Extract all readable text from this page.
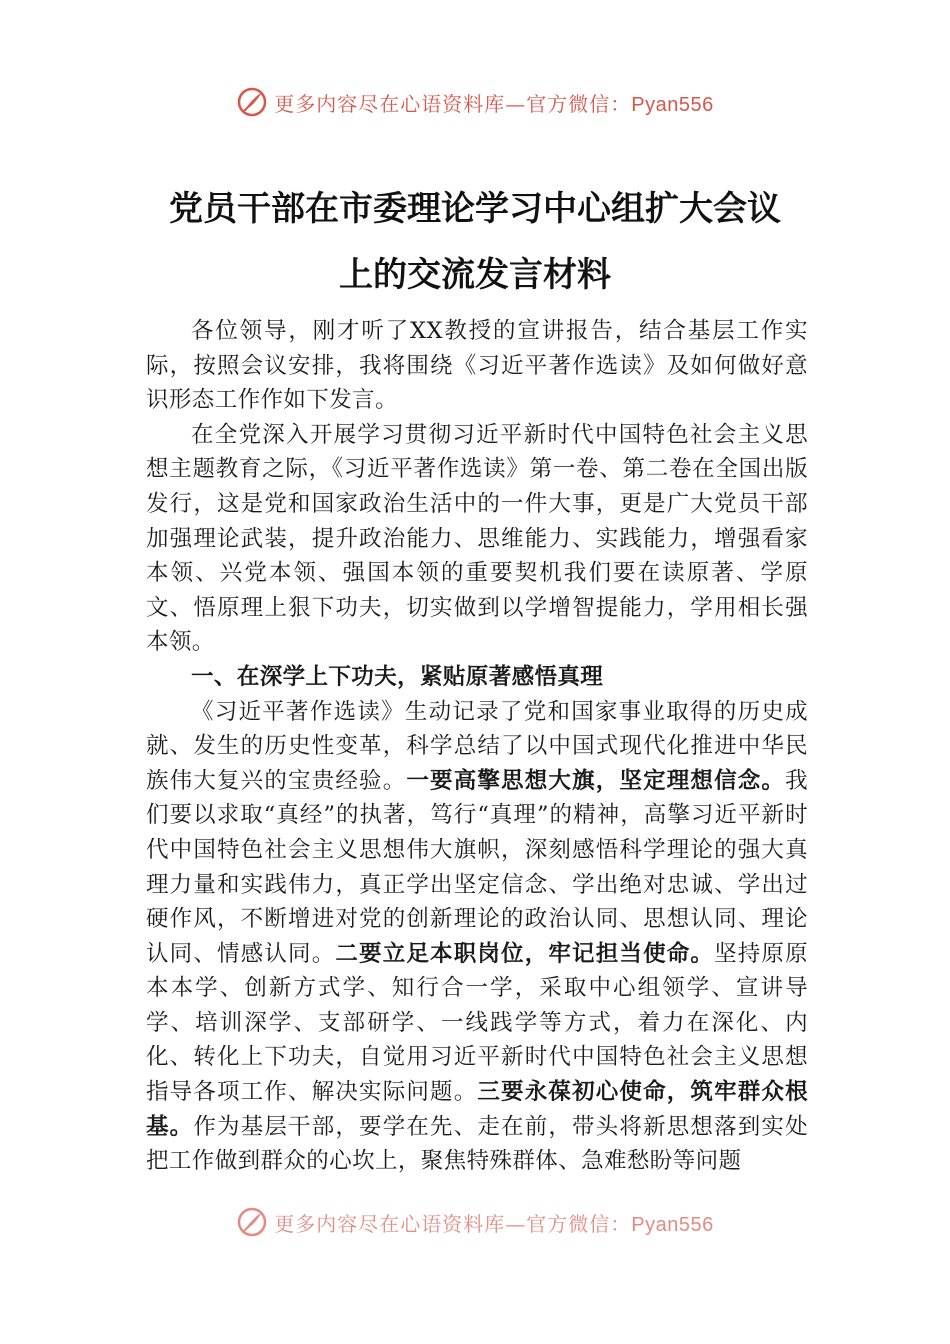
更多内容尽在心语资料库—官方微信：Pyan556
党员干部在市委理论学习中心组扩大会议
上的交流发言材料

各位领导，刚才听了XX教授的宣讲报告，结合基层工作实际，按照会议安排，我将围绕《习近平著作选读》及如何做好意识形态工作作如下发言。

在全党深入开展学习贯彻习近平新时代中国特色社会主义思想主题教育之际，《习近平著作选读》第一卷、第二卷在全国出版发行，这是党和国家政治生活中的一件大事，更是广大党员干部加强理论武装，提升政治能力、思维能力、实践能力，增强看家本领、兴党本领、强国本领的重要契机我们要在读原著、学原文、悟原理上狠下功夫，切实做到以学增智提能力，学用相长强本领。

一、在深学上下功夫，紧贴原著感悟真理

《习近平著作选读》生动记录了党和国家事业取得的历史成就、发生的历史性变革，科学总结了以中国式现代化推进中华民族伟大复兴的宝贵经验。一要高擎思想大旗，坚定理想信念。我们要以求取“真经”的执著，笃行“真理”的精神，高擎习近平新时代中国特色社会主义思想伟大旗帜，深刻感悟科学理论的强大真理力量和实践伟力，真正学出坚定信念、学出绝对忠诚、学出过硬作风，不断增进对党的创新理论的政治认同、思想认同、理论认同、情感认同。二要立足本职岗位，牢记担当使命。坚持原原本本学、创新方式学、知行合一学，采取中心组领学、宣讲导学、培训深学、支部研学、一线践学等方式，着力在深化、内化、转化上下功夫，自觉用习近平新时代中国特色社会主义思想指导各项工作、解决实际问题。三要永葆初心使命，筑牢群众根基。作为基层干部，要学在先、走在前，带头将新思想落到实处把工作做到群众的心坎上，聚焦特殊群体、急难愁盼等问题

更多内容尽在心语资料库—官方微信：Pyan556
